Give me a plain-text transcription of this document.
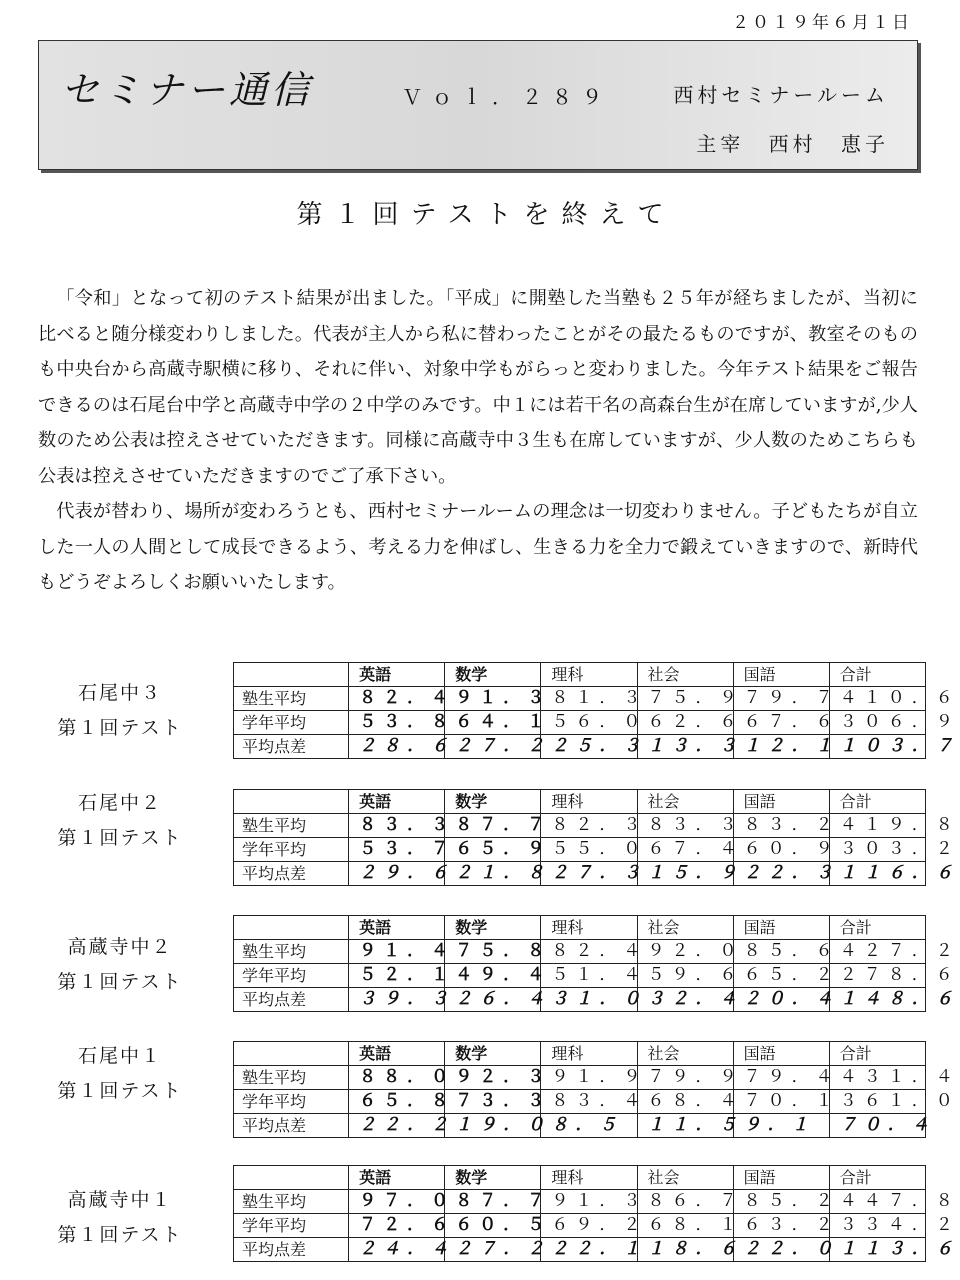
２０１９年６月１日
セミナー通信	Ｖｏｌ．２８９	西村セミナールーム
主宰 西村 恵子
第１回テストを終えて

「令和」となって初のテスト結果が出ました。「平成」に開塾した当塾も２５年が経ちましたが、当初に比べると随分様変わりしました。代表が主人から私に替わったことがその最たるものですが、教室そのものも中央台から高蔵寺駅横に移り、それに伴い、対象中学もがらっと変わりました。今年テスト結果をご報告できるのは石尾台中学と高蔵寺中学の２中学のみです。中１には若干名の高森台生が在席していますが,少人数のため公表は控えさせていただきます。同様に高蔵寺中３生も在席していますが、少人数のためこちらも公表は控えさせていただきますのでご了承下さい。

代表が替わり、場所が変わろうとも、西村セミナールームの理念は一切変わりません。子どもたちが自立した一人の人間として成長できるよう、考える力を伸ばし、生きる力を全力で鍛えていきますので、新時代もどうぞよろしくお願いいたします。

石尾中３
第１回テスト
	英語	数学	理科	社会	国語	合計
塾生平均	８２．４	９１．３	８１．３	７５．９	７９．７	４１０．６
学年平均	５３．８	６４．１	５６．０	６２．６	６７．６	３０６．９
平均点差	２８．６	２７．２	２５．３	１３．３	１２．１	１０３．７
石尾中２
第１回テスト
	英語	数学	理科	社会	国語	合計
塾生平均	８３．３	８７．７	８２．３	８３．３	８３．２	４１９．８
学年平均	５３．７	６５．９	５５．０	６７．４	６０．９	３０３．２
平均点差	２９．６	２１．８	２７．３	１５．９	２２．３	１１６．６
高蔵寺中２
第１回テスト
	英語	数学	理科	社会	国語	合計
塾生平均	９１．４	７５．８	８２．４	９２．０	８５．６	４２７．２
学年平均	５２．１	４９．４	５１．４	５９．６	６５．２	２７８．６
平均点差	３９．３	２６．４	３１．０	３２．４	２０．４	１４８．６
石尾中１
第１回テスト
	英語	数学	理科	社会	国語	合計
塾生平均	８８．０	９２．３	９１．９	７９．９	７９．４	４３１．４
学年平均	６５．８	７３．３	８３．４	６８．４	７０．１	３６１．０
平均点差	２２．２	１９．０	８．５	１１．５	９．１	７０．４
高蔵寺中１
第１回テスト
	英語	数学	理科	社会	国語	合計
塾生平均	９７．０	８７．７	９１．３	８６．７	８５．２	４４７．８
学年平均	７２．６	６０．５	６９．２	６８．１	６３．２	３３４．２
平均点差	２４．４	２７．２	２２．１	１８．６	２２．０	１１３．６
